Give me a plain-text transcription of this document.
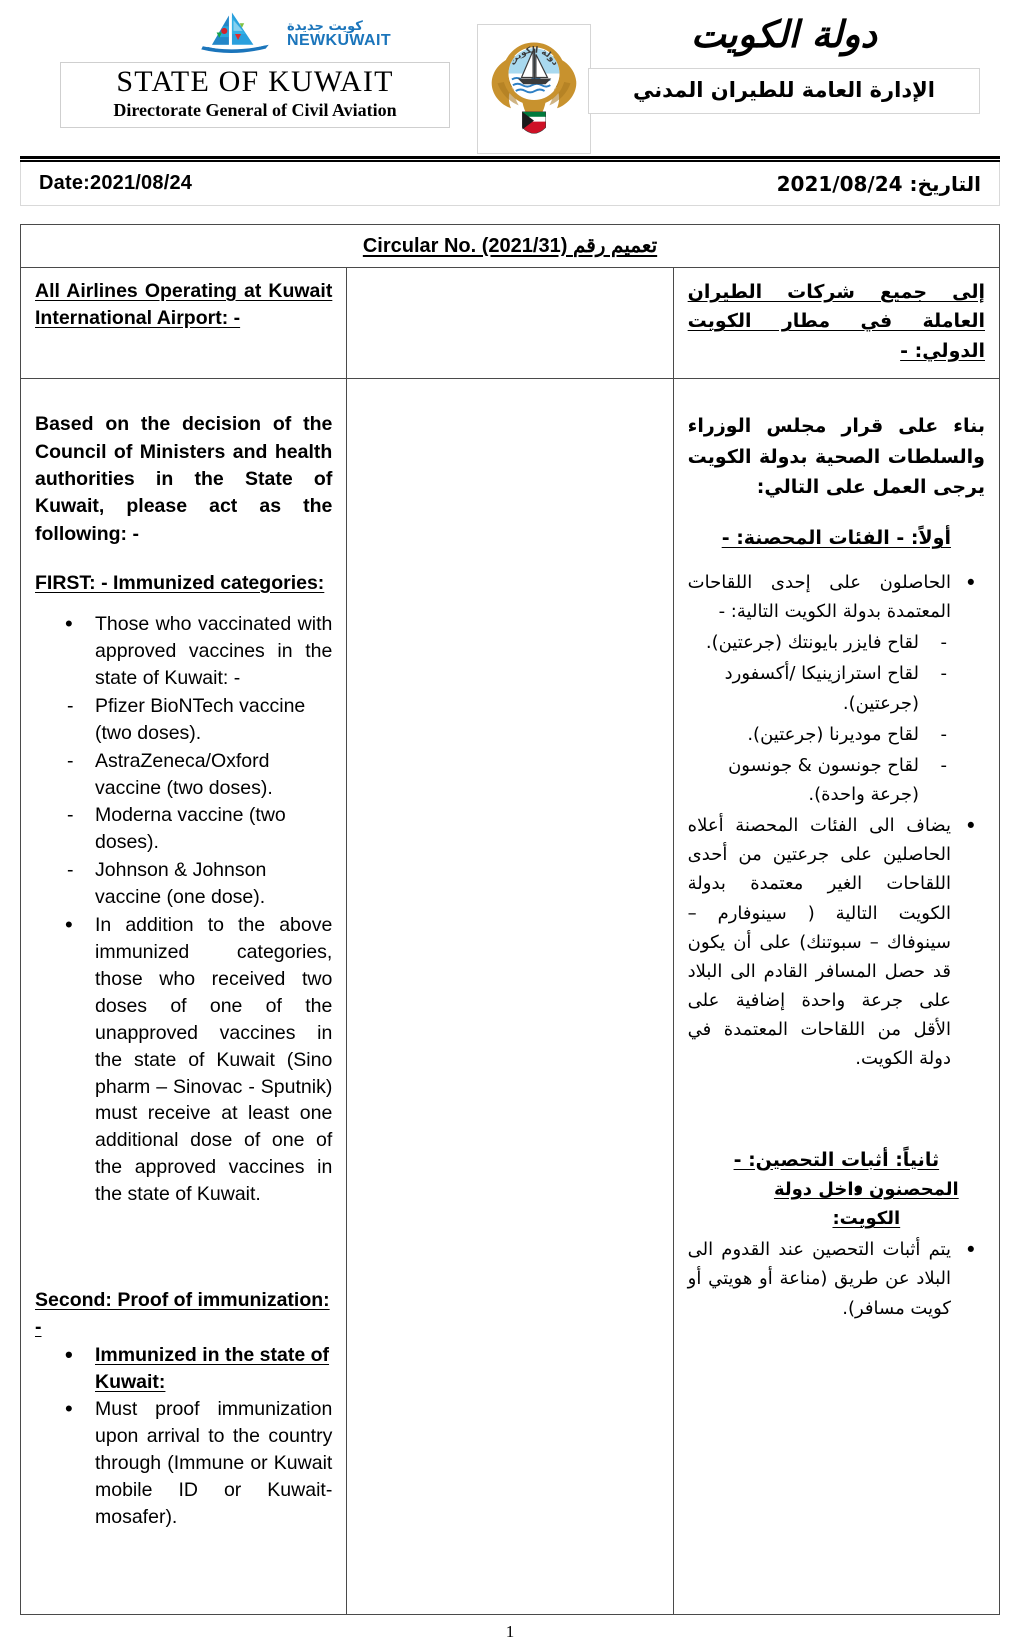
كويت جديدة
NEWKUWAIT
STATE OF KUWAIT
Directorate General of Civil Aviation
دولة الكويت
دولة الكويت
الإدارة العامة للطيران المدني
Date:2021/08/24	التاريخ: 2021/08/24
Circular No. (2021/31) تعميم رقم		

All Airlines Operating at Kuwait International Airport: -		إلى جميع شركات الطيران العاملة في مطار الكويت الدولي: -

Based on the decision of the Council of Ministers and health authorities in the State of Kuwait, please act as the following: -

FIRST: - Immunized categories:

• Those who vaccinated with approved vaccines in the state of Kuwait: -
- Pfizer BioNTech vaccine (two doses).
- AstraZeneca/Oxford vaccine (two doses).
- Moderna vaccine (two doses).
- Johnson & Johnson vaccine (one dose).
• In addition to the above immunized categories, those who received two doses of one of the unapproved vaccines in the state of Kuwait (Sino pharm – Sinovac - Sputnik) must receive at least one additional dose of one of the approved vaccines in the state of Kuwait.

Second: Proof of immunization: -

• Immunized in the state of Kuwait:
• Must proof immunization upon arrival to the country through (Immune or Kuwait mobile ID or Kuwait-mosafer).

بناء على قرار مجلس الوزراء والسلطات الصحية بدولة الكويت يرجى العمل على التالي:

أولاً: - الفئات المحصنة: -

• الحاصلون على إحدى اللقاحات المعتمدة بدولة الكويت التالية: -
- لقاح فايزر بايونتك (جرعتين).
- لقاح استرازينيكا /أكسفورد (جرعتين).
- لقاح موديرنا (جرعتين).
- لقاح جونسون & جونسون (جرعة واحدة).
• يضاف الى الفئات المحصنة أعلاه الحاصلين على جرعتين من أحدى اللقاحات الغير معتمدة بدولة الكويت التالية ( سينوفارم – سينوفاك – سبوتنك) على أن يكون قد حصل المسافر القادم الى البلاد على جرعة واحدة إضافية على الأقل من اللقاحات المعتمدة في دولة الكويت.

ثانياً: أثبات التحصين: -

• المحصنون داخل دولة الكويت:
• يتم أثبات التحصين عند القدوم الى البلاد عن طريق (مناعة أو هويتي أو كويت مسافر).
1
